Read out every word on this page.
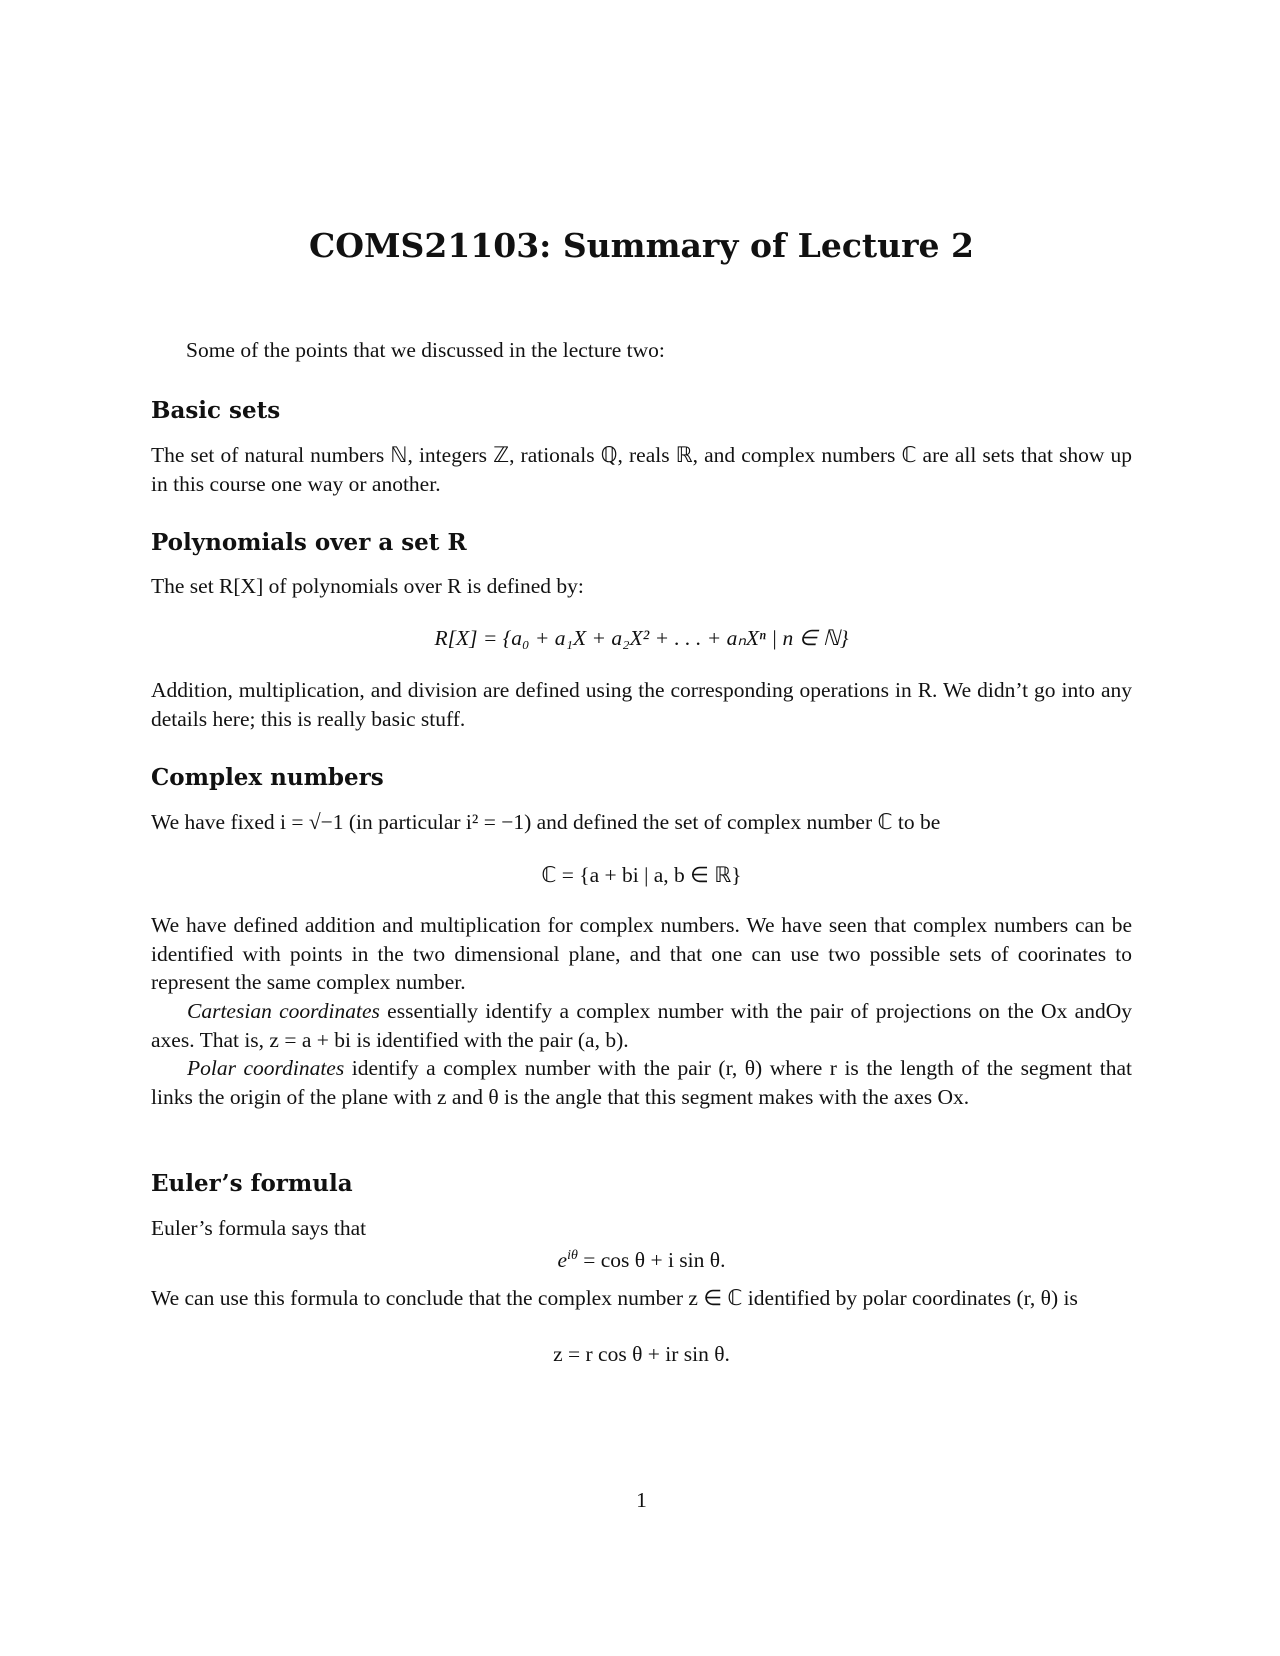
COMS21103: Summary of Lecture 2
Some of the points that we discussed in the lecture two:
Basic sets
The set of natural numbers ℕ, integers ℤ, rationals ℚ, reals ℝ, and complex numbers ℂ are all sets that show up in this course one way or another.
Polynomials over a set R
The set R[X] of polynomials over R is defined by:
R[X] = {a₀ + a₁X + a₂X² + . . . + aₙXⁿ | n ∈ ℕ}
Addition, multiplication, and division are defined using the corresponding operations in R. We didn’t go into any details here; this is really basic stuff.
Complex numbers
We have fixed i = √−1 (in particular i² = −1) and defined the set of complex number ℂ to be
ℂ = {a + bi | a, b ∈ ℝ}
We have defined addition and multiplication for complex numbers. We have seen that complex numbers can be identified with points in the two dimensional plane, and that one can use two possible sets of coorinates to represent the same complex number.
Cartesian coordinates essentially identify a complex number with the pair of projections on the Ox andOy axes. That is, z = a + bi is identified with the pair (a, b).
Polar coordinates identify a complex number with the pair (r, θ) where r is the length of the segment that links the origin of the plane with z and θ is the angle that this segment makes with the axes Ox.
Euler’s formula
Euler’s formula says that
$e^{i\theta} = \cos \theta + i$ sin θ.
We can use this formula to conclude that the complex number z ∈ ℂ identified by polar coordinates (r, θ) is
z = r cos θ + ir sin θ.
1
